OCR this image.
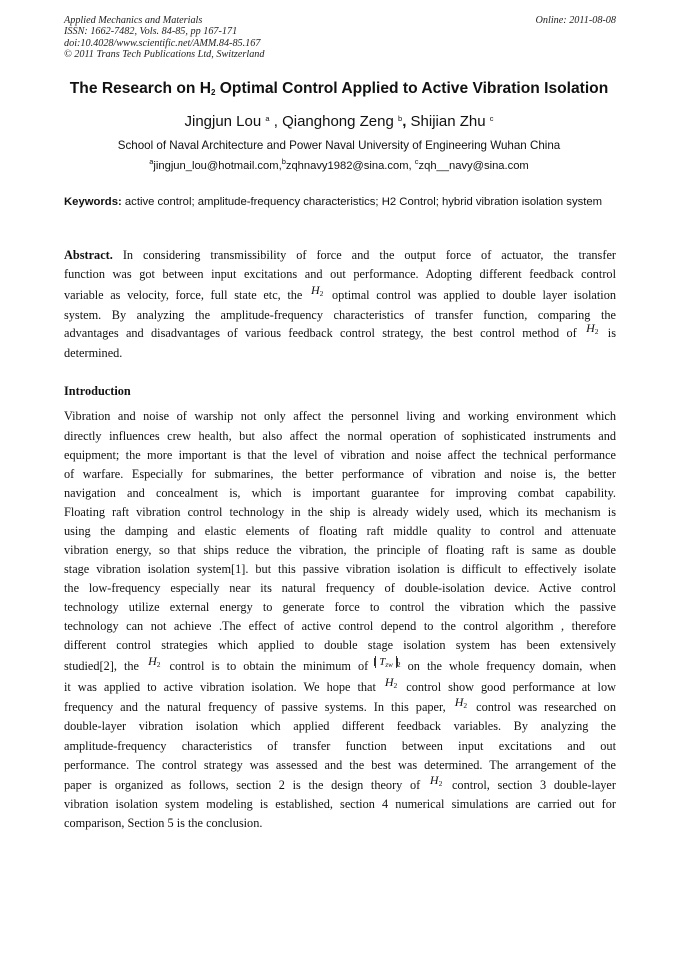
Applied Mechanics and Materials
ISSN: 1662-7482, Vols. 84-85, pp 167-171
doi:10.4028/www.scientific.net/AMM.84-85.167
© 2011 Trans Tech Publications Ltd, Switzerland
Online: 2011-08-08
The Research on $H_2$ Optimal Control Applied to Active Vibration Isolation
Jingjun Lou $^a$ , Qianghong Zeng $^b$, Shijian Zhu $^c$
School of Naval Architecture and Power Naval University of Engineering Wuhan China
$^a$jingjun_lou@hotmail.com,$^b$zqhnavy1982@sina.com, $^c$zqh__navy@sina.com
Keywords: active control; amplitude-frequency characteristics; H2 Control; hybrid vibration isolation system
Abstract. In considering transmissibility of force and the output force of actuator, the transfer
function was got between input excitations and out performance. Adopting different feedback control
variable as velocity, force, full state etc, the $H_2$ optimal control was applied to double layer isolation
system. By analyzing the amplitude-frequency characteristics of transfer function, comparing the
advantages and disadvantages of various feedback control strategy, the best control method of $H_2$ is
determined.
Introduction
Vibration and noise of warship not only affect the personnel living and working environment which
directly influences crew health, but also affect the normal operation of sophisticated instruments and
equipment; the more important is that the level of vibration and noise affect the technical performance
of warfare. Especially for submarines, the better performance of vibration and noise is, the better
navigation and concealment is, which is important guarantee for improving combat capability.
Floating raft vibration control technology in the ship is already widely used, which its mechanism is
using the damping and elastic elements of floating raft middle quality to control and attenuate
vibration energy, so that ships reduce the vibration, the principle of floating raft is same as double
stage vibration isolation system[1]. but this passive vibration isolation is difficult to effectively isolate
the low-frequency especially near its natural frequency of double-isolation device. Active control
technology utilize external energy to generate force to control the vibration which the passive
technology can not achieve .The effect of active control depend to the control algorithm , therefore
different control strategies which applied to double stage isolation system has been extensively
studied[2], the $H_2$ control is to obtain the minimum of $T_{zw}$ $^2$ on the whole frequency domain, when
it was applied to active vibration isolation. We hope that $H_2$ control show good performance at low
frequency and the natural frequency of passive systems. In this paper, $H_2$ control was researched on
double-layer vibration isolation which applied different feedback variables. By analyzing the
amplitude-frequency characteristics of transfer function between input excitations and out
performance. The control strategy was assessed and the best was determined. The arrangement of the
paper is organized as follows, section 2 is the design theory of $H_2$ control, section 3 double-layer
vibration isolation system modeling is established, section 4 numerical simulations are carried out for
comparison, Section 5 is the conclusion.
